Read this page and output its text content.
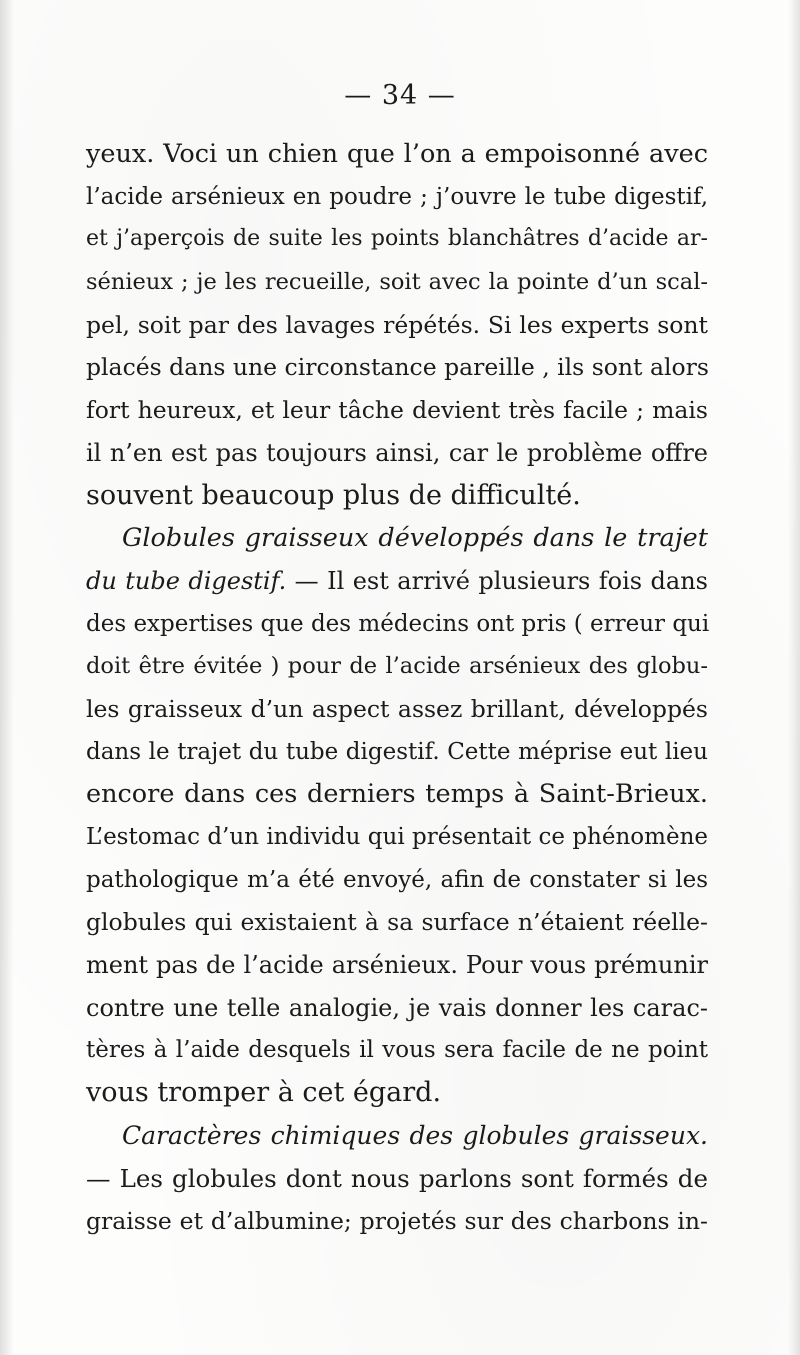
— 34 —
yeux. Voci un chien que l’on a empoisonné avec
l’acide arsénieux en poudre ; j’ouvre le tube digestif,
et j’aperçois de suite les points blanchâtres d’acide ar-
sénieux ; je les recueille, soit avec la pointe d’un scal-
pel, soit par des lavages répétés. Si les experts sont
placés dans une circonstance pareille , ils sont alors
fort heureux, et leur tâche devient très facile ; mais
il n’en est pas toujours ainsi, car le problème offre
souvent beaucoup plus de difficulté.
Globules graisseux développés dans le trajet
du tube digestif. — Il est arrivé plusieurs fois dans
des expertises que des médecins ont pris ( erreur qui
doit être évitée ) pour de l’acide arsénieux des globu-
les graisseux d’un aspect assez brillant, développés
dans le trajet du tube digestif. Cette méprise eut lieu
encore dans ces derniers temps à Saint-Brieux.
L’estomac d’un individu qui présentait ce phénomène
pathologique m’a été envoyé, afin de constater si les
globules qui existaient à sa surface n’étaient réelle-
ment pas de l’acide arsénieux. Pour vous prémunir
contre une telle analogie, je vais donner les carac-
tères à l’aide desquels il vous sera facile de ne point
vous tromper à cet égard.
Caractères chimiques des globules graisseux.
— Les globules dont nous parlons sont formés de
graisse et d’albumine; projetés sur des charbons in-
